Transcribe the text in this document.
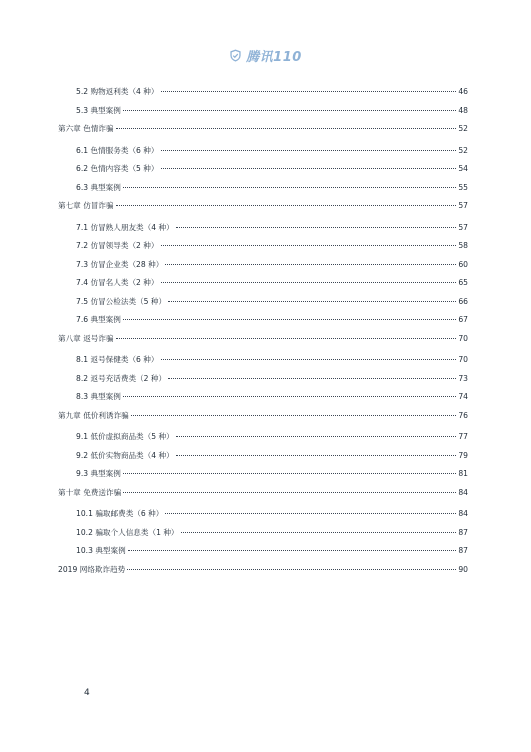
腾讯110
5.2 购物返利类（4 种）	46
5.3 典型案例	48
第六章 色情诈骗	52
6.1 色情服务类（6 种）	52
6.2 色情内容类（5 种）	54
6.3 典型案例	55
第七章 仿冒诈骗	57
7.1 仿冒熟人朋友类（4 种）	57
7.2 仿冒领导类（2 种）	58
7.3 仿冒企业类（28 种）	60
7.4 仿冒名人类（2 种）	65
7.5 仿冒公检法类（5 种）	66
7.6 典型案例	67
第八章 返号诈骗	70
8.1 返号保健类（6 种）	70
8.2 返号充话费类（2 种）	73
8.3 典型案例	74
第九章 低价利诱诈骗	76
9.1 低价虚拟商品类（5 种）	77
9.2 低价实物商品类（4 种）	79
9.3 典型案例	81
第十章 免费送诈骗	84
10.1 骗取邮费类（6 种）	84
10.2 骗取个人信息类（1 种）	87
10.3 典型案例	87
2019 网络欺诈趋势	90
4
